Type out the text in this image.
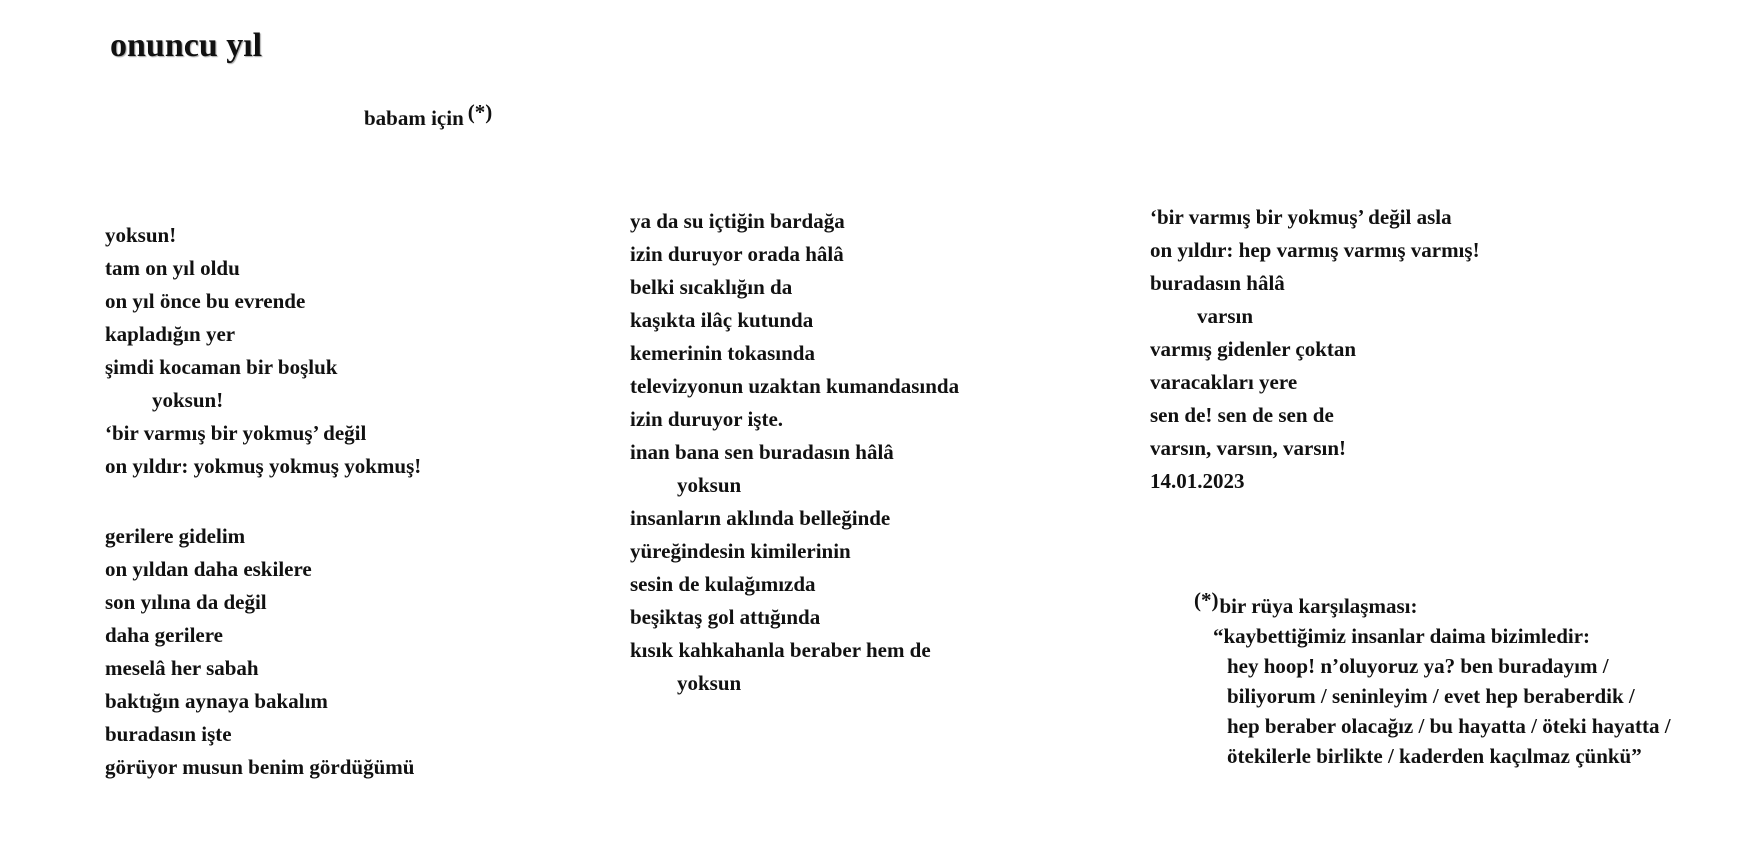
onuncu yıl
babam için (*)
yoksun!
tam on yıl oldu
on yıl önce bu evrende
kapladığın yer
şimdi kocaman bir boşluk
yoksun!
‘bir varmış bir yokmuş’ değil
on yıldır: yokmuş yokmuş yokmuş!
gerilere gidelim
on yıldan daha eskilere
son yılına da değil
daha gerilere
meselâ her sabah
baktığın aynaya bakalım
buradasın işte
görüyor musun benim gördüğümü
ya da su içtiğin bardağa
izin duruyor orada hâlâ
belki sıcaklığın da
kaşıkta ilâç kutunda
kemerinin tokasında
televizyonun uzaktan kumandasında
izin duruyor işte.
inan bana sen buradasın hâlâ
yoksun
insanların aklında belleğinde
yüreğindesin kimilerinin
sesin de kulağımızda
beşiktaş gol attığında
kısık kahkahanla beraber hem de
yoksun
‘bir varmış bir yokmuş’ değil asla
on yıldır: hep varmış varmış varmış!
buradasın hâlâ
varsın
varmış gidenler çoktan
varacakları yere
sen de! sen de sen de
varsın, varsın, varsın!
14.01.2023
(*)bir rüya karşılaşması:
“kaybettiğimiz insanlar daima bizimledir:
hey hoop! n’oluyoruz ya? ben buradayım /
biliyorum / seninleyim / evet hep beraberdik /
hep beraber olacağız / bu hayatta / öteki hayatta /
ötekilerle birlikte / kaderden kaçılmaz çünkü”
